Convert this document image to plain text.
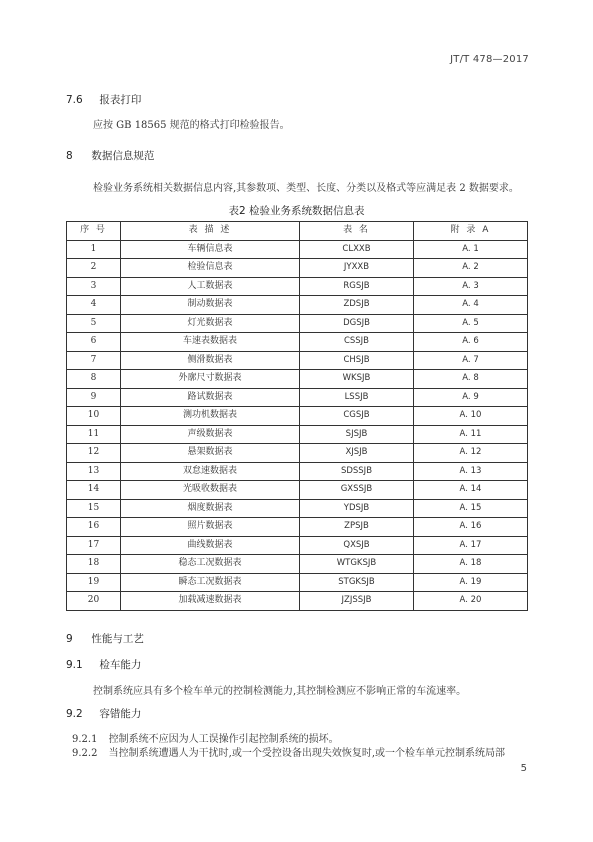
JT/T 478—2017
7.6 报表打印
应按 GB 18565 规范的格式打印检验报告。
8 数据信息规范
检验业务系统相关数据信息内容,其参数项、类型、长度、分类以及格式等应满足表 2 数据要求。
表2 检验业务系统数据信息表
序 号	表 描 述	表 名	附 录 A
1	车辆信息表	CLXXB	A. 1
2	检验信息表	JYXXB	A. 2
3	人工数据表	RGSJB	A. 3
4	制动数据表	ZDSJB	A. 4
5	灯光数据表	DGSJB	A. 5
6	车速表数据表	CSSJB	A. 6
7	侧滑数据表	CHSJB	A. 7
8	外廓尺寸数据表	WKSJB	A. 8
9	路试数据表	LSSJB	A. 9
10	测功机数据表	CGSJB	A. 10
11	声级数据表	SJSJB	A. 11
12	悬架数据表	XJSJB	A. 12
13	双怠速数据表	SDSSJB	A. 13
14	光吸收数据表	GXSSJB	A. 14
15	烟度数据表	YDSJB	A. 15
16	照片数据表	ZPSJB	A. 16
17	曲线数据表	QXSJB	A. 17
18	稳态工况数据表	WTGKSJB	A. 18
19	瞬态工况数据表	STGKSJB	A. 19
20	加载减速数据表	JZJSSJB	A. 20
9 性能与工艺
9.1 检车能力
控制系统应具有多个检车单元的控制检测能力,其控制检测应不影响正常的车流速率。
9.2 容错能力
9.2.1 控制系统不应因为人工误操作引起控制系统的损坏。
9.2.2 当控制系统遭遇人为干扰时,或一个受控设备出现失效恢复时,或一个检车单元控制系统局部
5
